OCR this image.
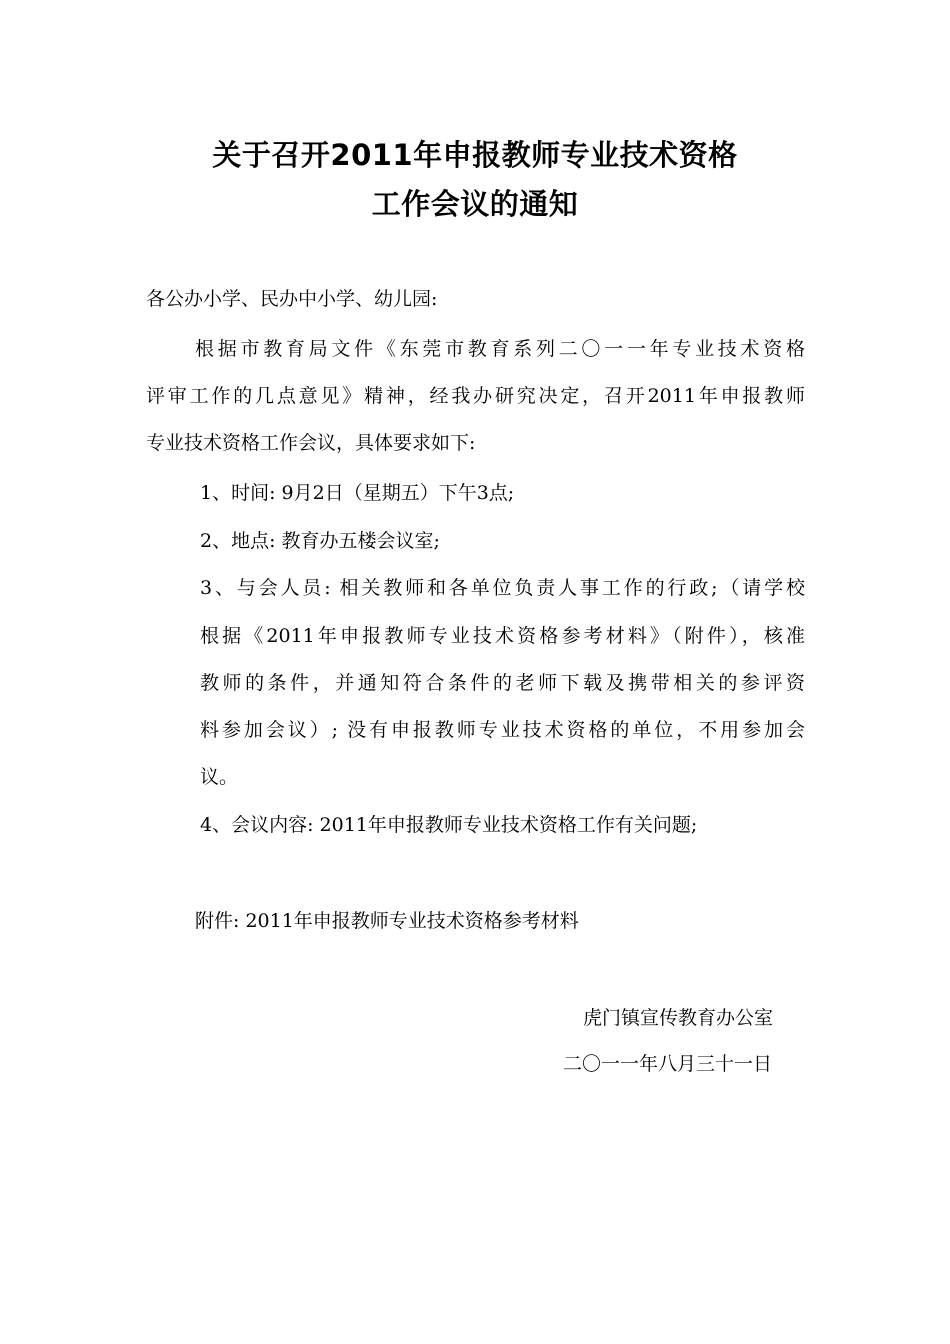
关于召开2011年申报教师专业技术资格
工作会议的通知
各公办小学、民办中小学、幼儿园:
根据市教育局文件《东莞市教育系列二〇一一年专业技术资格
评审工作的几点意见》精神，经我办研究决定，召开2011年申报教师
专业技术资格工作会议，具体要求如下:
1、时间: 9月2日（星期五）下午3点;
2、地点: 教育办五楼会议室;
3、与会人员: 相关教师和各单位负责人事工作的行政;（请学校
根据《2011年申报教师专业技术资格参考材料》（附件），核准
教师的条件，并通知符合条件的老师下载及携带相关的参评资
料参加会议）; 没有申报教师专业技术资格的单位，不用参加会
议。
4、会议内容: 2011年申报教师专业技术资格工作有关问题;
附件: 2011年申报教师专业技术资格参考材料
虎门镇宣传教育办公室
二〇一一年八月三十一日
